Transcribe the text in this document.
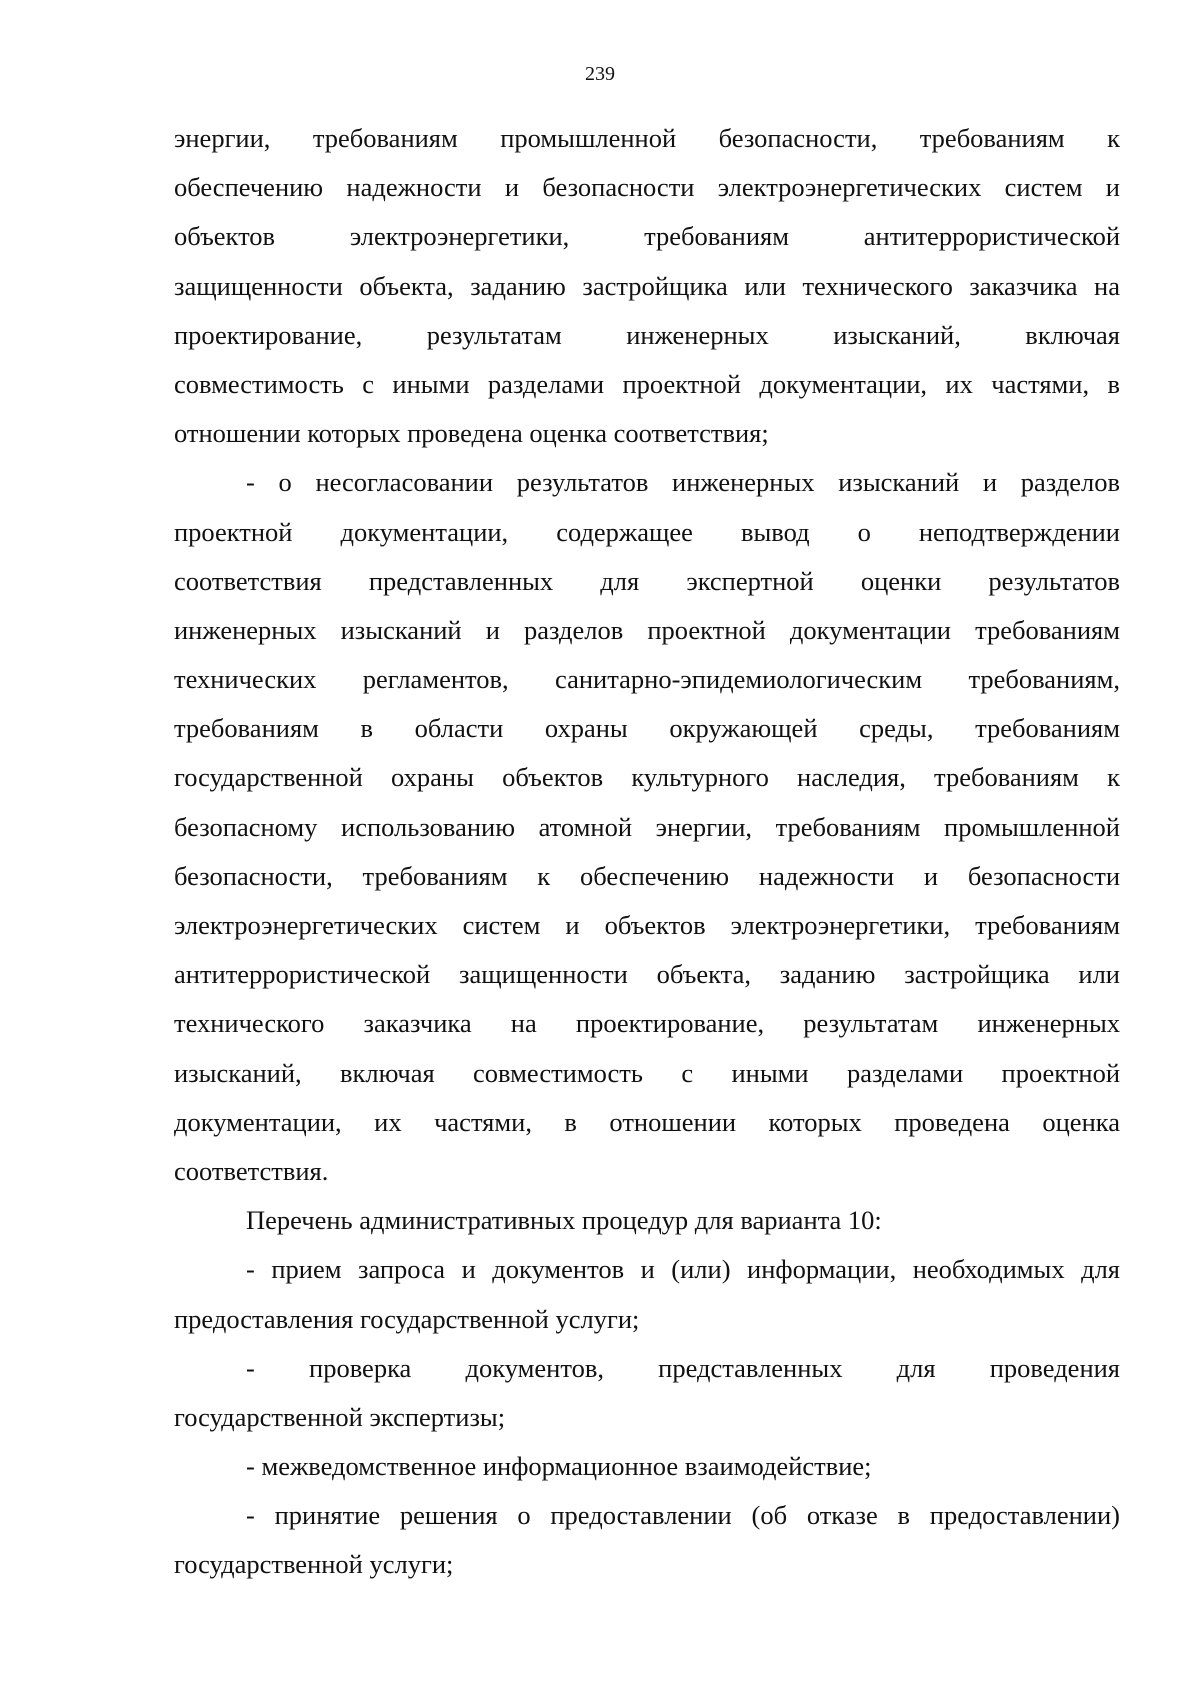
239
энергии, требованиям промышленной безопасности, требованиям к
обеспечению надежности и безопасности электроэнергетических систем и
объектов электроэнергетики, требованиям антитеррористической
защищенности объекта, заданию застройщика или технического заказчика на
проектирование, результатам инженерных изысканий, включая
совместимость с иными разделами проектной документации, их частями, в
отношении которых проведена оценка соответствия;
- о несогласовании результатов инженерных изысканий и разделов
проектной документации, содержащее вывод о неподтверждении
соответствия представленных для экспертной оценки результатов
инженерных изысканий и разделов проектной документации требованиям
технических регламентов, санитарно-эпидемиологическим требованиям,
требованиям в области охраны окружающей среды, требованиям
государственной охраны объектов культурного наследия, требованиям к
безопасному использованию атомной энергии, требованиям промышленной
безопасности, требованиям к обеспечению надежности и безопасности
электроэнергетических систем и объектов электроэнергетики, требованиям
антитеррористической защищенности объекта, заданию застройщика или
технического заказчика на проектирование, результатам инженерных
изысканий, включая совместимость с иными разделами проектной
документации, их частями, в отношении которых проведена оценка
соответствия.
Перечень административных процедур для варианта 10:
- прием запроса и документов и (или) информации, необходимых для
предоставления государственной услуги;
- проверка документов, представленных для проведения
государственной экспертизы;
- межведомственное информационное взаимодействие;
- принятие решения о предоставлении (об отказе в предоставлении)
государственной услуги;
